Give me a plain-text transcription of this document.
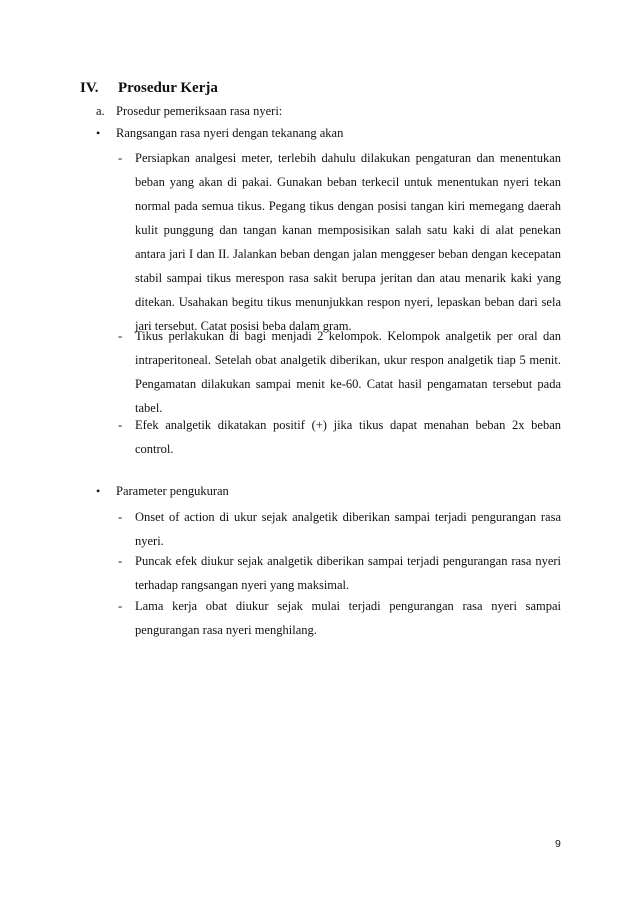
IV. Prosedur Kerja
a. Prosedur pemeriksaan rasa nyeri:
• Rangsangan rasa nyeri dengan tekanang akan
- Persiapkan analgesi meter, terlebih dahulu dilakukan pengaturan dan menentukan beban yang akan di pakai. Gunakan beban terkecil untuk menentukan nyeri tekan normal pada semua tikus. Pegang tikus dengan posisi tangan kiri memegang daerah kulit punggung dan tangan kanan memposisikan salah satu kaki di alat penekan antara jari I dan II. Jalankan beban dengan jalan menggeser beban dengan kecepatan stabil sampai tikus merespon rasa sakit berupa jeritan dan atau menarik kaki yang ditekan. Usahakan begitu tikus menunjukkan respon nyeri, lepaskan beban dari sela jari tersebut. Catat posisi beba dalam gram.
- Tikus perlakukan di bagi menjadi 2 kelompok. Kelompok analgetik per oral dan intraperitoneal. Setelah obat analgetik diberikan, ukur respon analgetik tiap 5 menit. Pengamatan dilakukan sampai menit ke-60. Catat hasil pengamatan tersebut pada tabel.
- Efek analgetik dikatakan positif (+) jika tikus dapat menahan beban 2x beban control.
• Parameter pengukuran
- Onset of action di ukur sejak analgetik diberikan sampai terjadi pengurangan rasa nyeri.
- Puncak efek diukur sejak analgetik diberikan sampai terjadi pengurangan rasa nyeri terhadap rangsangan nyeri yang maksimal.
- Lama kerja obat diukur sejak mulai terjadi pengurangan rasa nyeri sampai pengurangan rasa nyeri menghilang.
9
